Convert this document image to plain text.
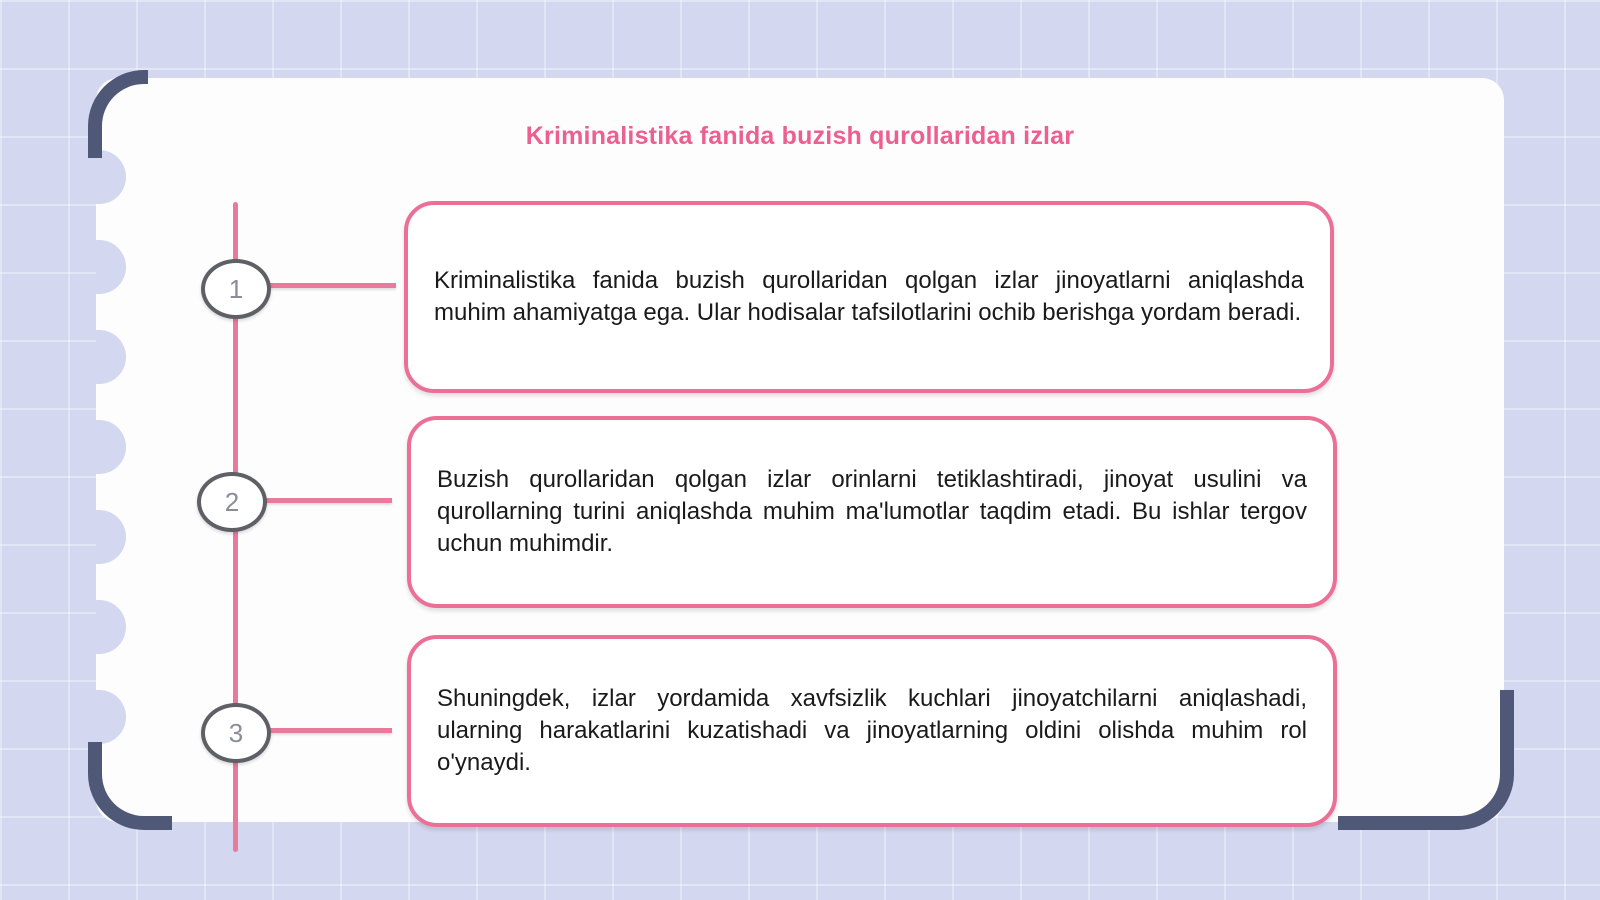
Kriminalistika fanida buzish qurollaridan izlar
1	Kriminalistika fanida buzish qurollaridan qolgan izlar jinoyatlarni aniqlashda muhim ahamiyatga ega. Ular hodisalar tafsilotlarini ochib berishga yordam beradi.

2

Buzish qurollaridan qolgan izlar orinlarni tetiklashtiradi, jinoyat usulini va qurollarning turini aniqlashda muhim ma'lumotlar taqdim etadi. Bu ishlar tergov uchun muhimdir.

3

Shuningdek, izlar yordamida xavfsizlik kuchlari jinoyatchilarni aniqlashadi, ularning harakatlarini kuzatishadi va jinoyatlarning oldini olishda muhim rol o'ynaydi.
